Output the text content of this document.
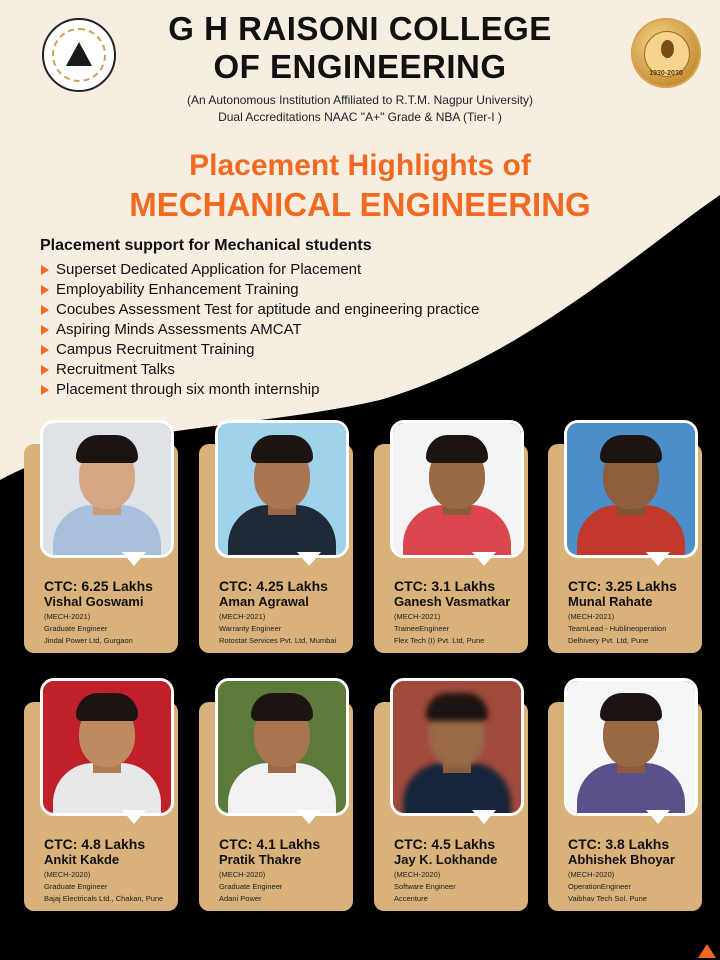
G H RAISONI COLLEGE
OF ENGINEERING
(An Autonomous Institution Affiliated to R.T.M. Nagpur University)
Dual Accreditations NAAC "A+" Grade & NBA (Tier-I )
1930-2030
Placement Highlights of
MECHANICAL ENGINEERING
Placement support for Mechanical students
Superset Dedicated Application for Placement
Employability Enhancement Training
Cocubes Assessment Test for aptitude and engineering practice
Aspiring Minds Assessments AMCAT
Campus Recruitment Training
Recruitment Talks
Placement through six month internship
CTC: 6.25 Lakhs
Vishal Goswami
(MECH-2021)
Graduate Engineer
Jindal Power Ltd, Gurgaon
CTC: 4.25 Lakhs
Aman Agrawal
(MECH-2021)
Warranty Engineer
Rotostat Services Pvt. Ltd, Mumbai
CTC: 3.1 Lakhs
Ganesh Vasmatkar
(MECH-2021)
TraineeEngineer
Flex Tech (I) Pvt. Ltd, Pune
CTC: 3.25 Lakhs
Munal Rahate
(MECH-2021)
TeamLead - Hublineoperation
Delhivery Pvt. Ltd, Pune
CTC: 4.8 Lakhs
Ankit Kakde
(MECH-2020)
Graduate Engineer
Bajaj Electricals Ltd., Chakan, Pune
CTC: 4.1 Lakhs
Pratik Thakre
(MECH-2020)
Graduate Engineer
Adani Power
CTC: 4.5 Lakhs
Jay K. Lokhande
(MECH-2020)
Software Engineer
Accenture
CTC: 3.8 Lakhs
Abhishek Bhoyar
(MECH-2020)
OperationEngineer
Vaibhav Tech Sol. Pune
